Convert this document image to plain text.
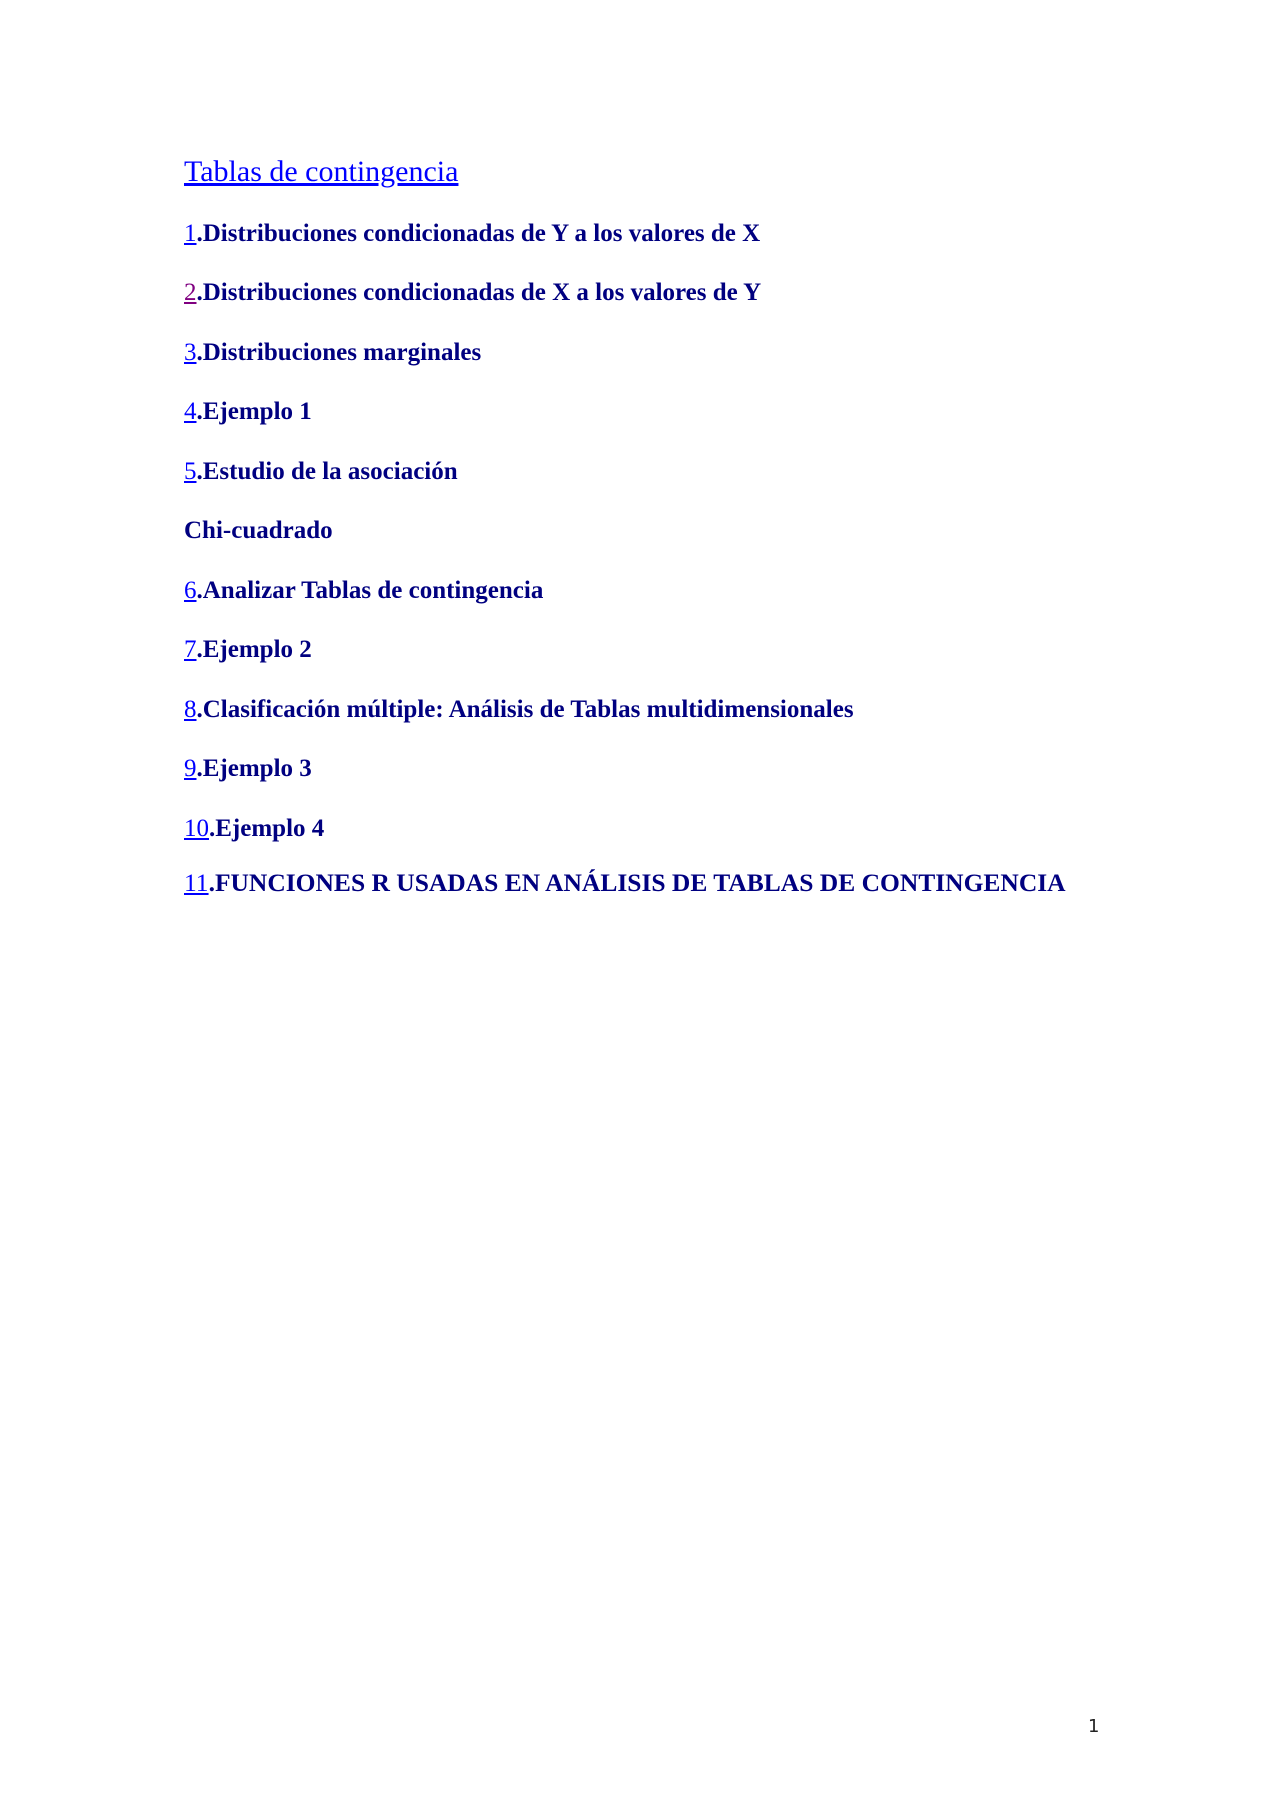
Tablas de contingencia
1.Distribuciones condicionadas de Y a los valores de X
2.Distribuciones condicionadas de X a los valores de Y
3.Distribuciones marginales
4.Ejemplo 1
5.Estudio de la asociación
Chi-cuadrado
6.Analizar Tablas de contingencia
7.Ejemplo 2
8.Clasificación múltiple: Análisis de Tablas multidimensionales
9.Ejemplo 3
10.Ejemplo 4
11.FUNCIONES R USADAS EN ANÁLISIS DE TABLAS DE CONTINGENCIA
1
